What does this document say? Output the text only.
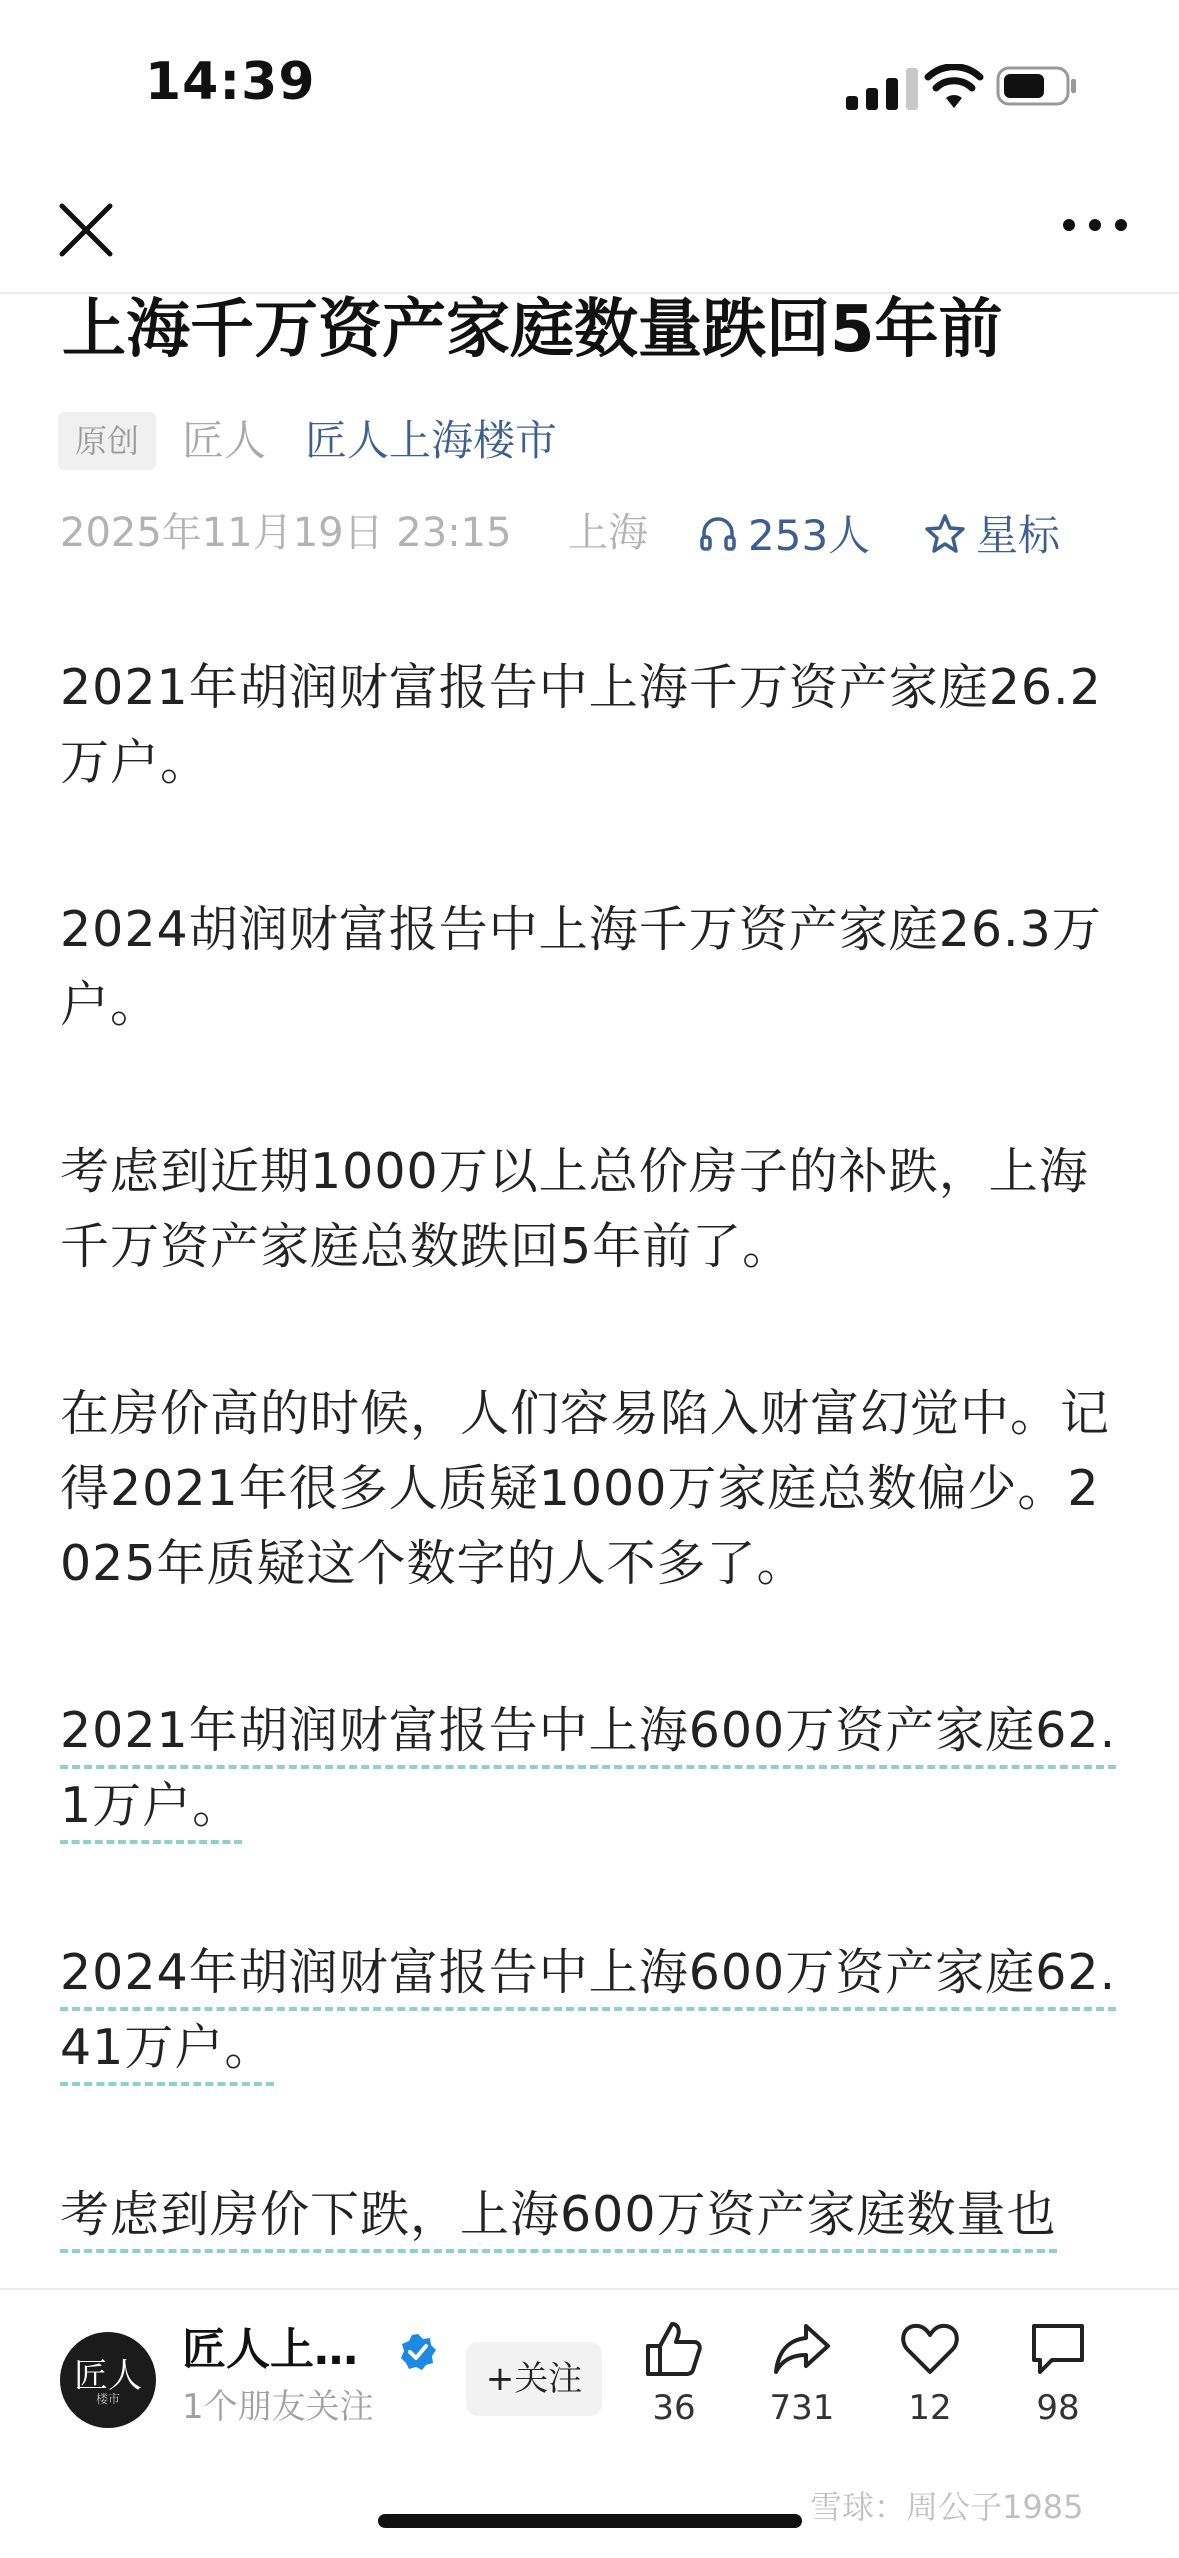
14:39
上海千万资产家庭数量跌回5年前
原创	匠人 匠人上海楼市
2025年11月19日 23:15 上海 253人	星标

2021年胡润财富报告中上海千万资产家庭26.2万户。

2024胡润财富报告中上海千万资产家庭26.3万户。

考虑到近期1000万以上总价房子的补跌，上海千万资产家庭总数跌回5年前了。

在房价高的时候，人们容易陷入财富幻觉中。记得2021年很多人质疑1000万家庭总数偏少。2025年质疑这个数字的人不多了。

2021年胡润财富报告中上海600万资产家庭62.1万户。

2024年胡润财富报告中上海600万资产家庭62.41万户。

考虑到房价下跌，上海600万资产家庭数量也

匠人
楼市
匠人上…
1个朋友关注
+关注
36	731	12	98
雪球：周公子1985
